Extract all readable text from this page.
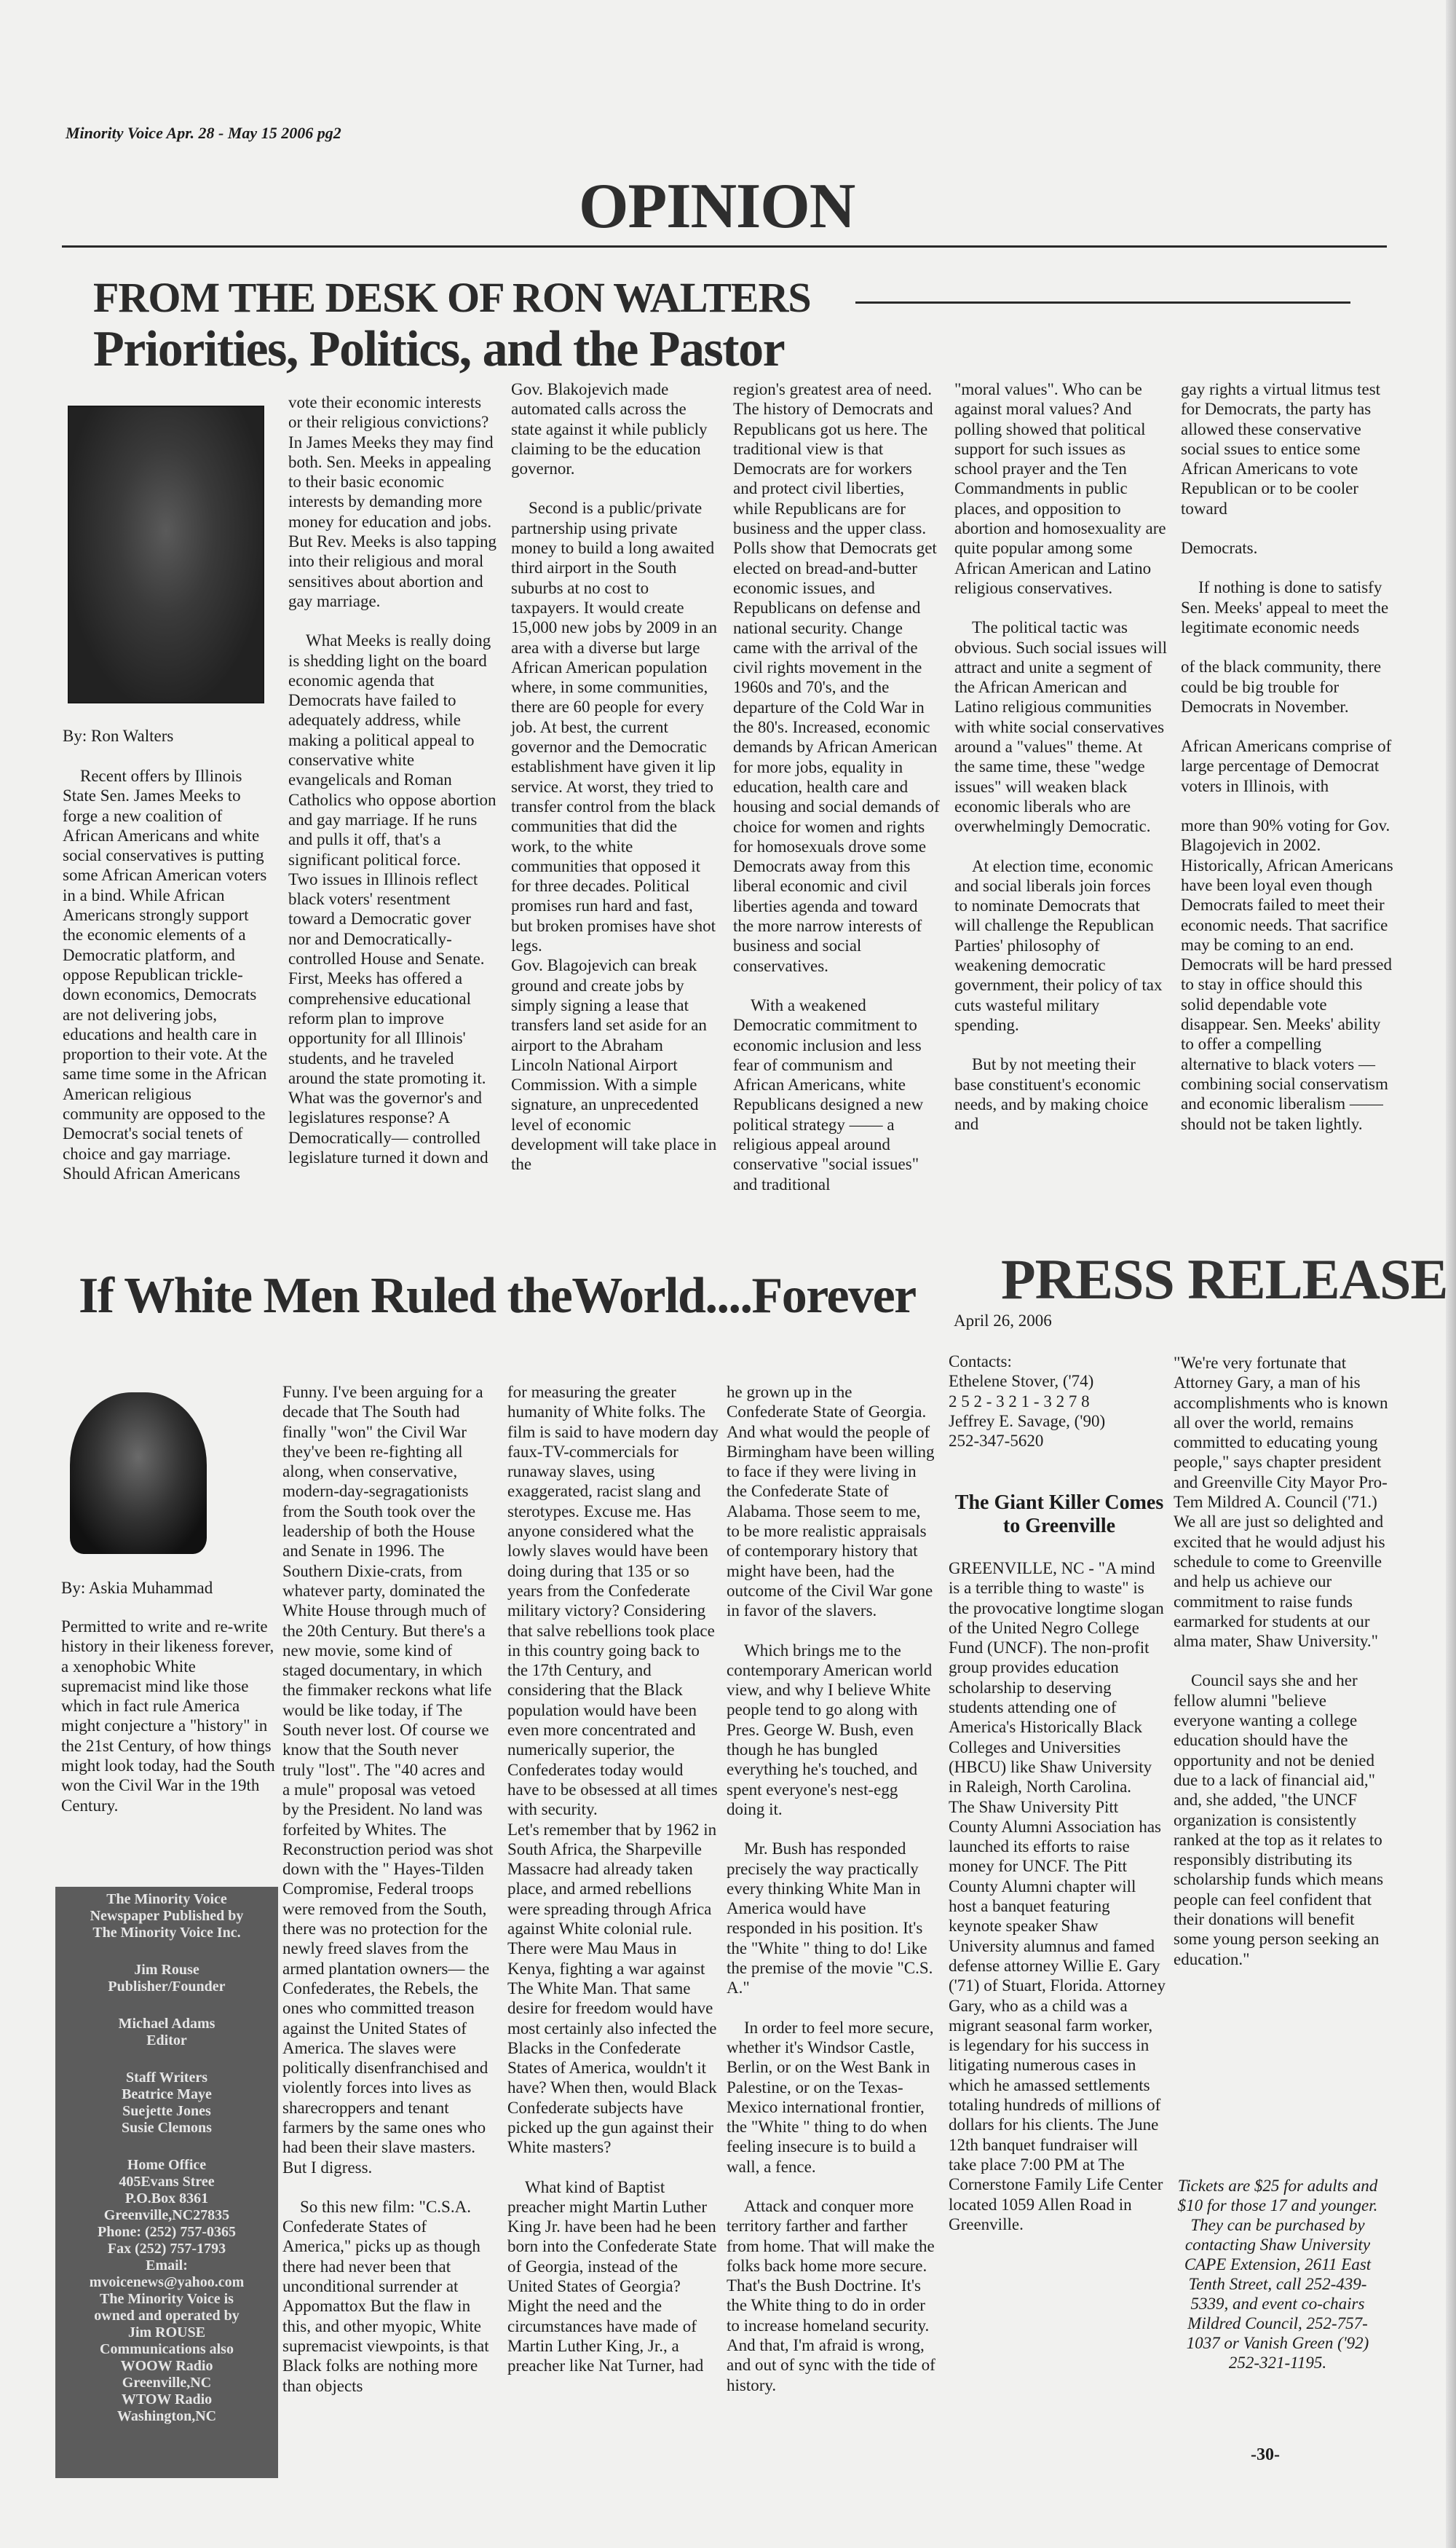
Minority Voice Apr. 28 - May 15 2006 pg2
OPINION
FROM THE DESK OF RON WALTERS
Priorities, Politics, and the Pastor
By: Ron Walters

Recent offers by Illinois State Sen. James Meeks to forge a new coalition of African Americans and white social conservatives is putting some African American voters in a bind. While African Americans strongly support the economic elements of a Democratic platform, and oppose Republican trickle-down economics, Democrats are not delivering jobs, educations and health care in proportion to their vote. At the same time some in the African American religious community are opposed to the Democrat's social tenets of choice and gay marriage.

Should African Americans

vote their economic interests or their religious convictions? In James Meeks they may find both. Sen. Meeks in appealing to their basic economic interests by demanding more money for education and jobs. But Rev. Meeks is also tapping into their religious and moral sensitives about abortion and gay marriage.

What Meeks is really doing is shedding light on the board economic agenda that Democrats have failed to adequately address, while making a political appeal to conservative white evangelicals and Roman Catholics who oppose abortion and gay marriage. If he runs and pulls it off, that's a significant political force.

Two issues in Illinois reflect black voters' resentment toward a Democratic gover nor and Democratically-controlled House and Senate. First, Meeks has offered a comprehensive educational reform plan to improve opportunity for all Illinois' students, and he traveled around the state promoting it. What was the governor's and legislatures response? A Democratically— controlled legislature turned it down and

Gov. Blakojevich made automated calls across the state against it while publicly claiming to be the education governor.

Second is a public/private partnership using private money to build a long awaited third airport in the South suburbs at no cost to taxpayers. It would create 15,000 new jobs by 2009 in an area with a diverse but large African American population where, in some communities, there are 60 people for every job. At best, the current governor and the Democratic establishment have given it lip service. At worst, they tried to transfer control from the black communities that did the work, to the white communities that opposed it for three decades. Political promises run hard and fast, but broken promises have shot legs.

Gov. Blagojevich can break ground and create jobs by simply signing a lease that transfers land set aside for an airport to the Abraham Lincoln National Airport Commission. With a simple signature, an unprecedented level of economic development will take place in the

region's greatest area of need. The history of Democrats and Republicans got us here. The traditional view is that Democrats are for workers and protect civil liberties, while Republicans are for business and the upper class. Polls show that Democrats get elected on bread-and-butter economic issues, and Republicans on defense and national security. Change came with the arrival of the civil rights movement in the 1960s and 70's, and the departure of the Cold War in the 80's. Increased, economic demands by African American for more jobs, equality in education, health care and housing and social demands of choice for women and rights for homosexuals drove some Democrats away from this liberal economic and civil liberties agenda and toward the more narrow interests of business and social conservatives.

With a weakened Democratic commitment to economic inclusion and less fear of communism and African Americans, white Republicans designed a new political strategy —— a religious appeal around conservative "social issues" and traditional

"moral values". Who can be against moral values? And polling showed that political support for such issues as school prayer and the Ten Commandments in public places, and opposition to abortion and homosexuality are quite popular among some African American and Latino religious conservatives.

The political tactic was obvious. Such social issues will attract and unite a segment of the African American and Latino religious communities with white social conservatives around a "values" theme. At the same time, these "wedge issues" will weaken black economic liberals who are overwhelmingly Democratic.

At election time, economic and social liberals join forces to nominate Democrats that will challenge the Republican Parties' philosophy of weakening democratic government, their policy of tax cuts wasteful military spending.

But by not meeting their base constituent's economic needs, and by making choice and

gay rights a virtual litmus test for Democrats, the party has allowed these conservative social ssues to entice some African Americans to vote Republican or to be cooler toward

Democrats.

If nothing is done to satisfy Sen. Meeks' appeal to meet the legitimate economic needs

of the black community, there could be big trouble for Democrats in November.

African Americans comprise of large percentage of Democrat voters in Illinois, with

more than 90% voting for Gov. Blagojevich in 2002. Historically, African Americans have been loyal even though Democrats failed to meet their economic needs. That sacrifice may be coming to an end. Democrats will be hard pressed to stay in office should this solid dependable vote disappear. Sen. Meeks' ability to offer a compelling alternative to black voters — combining social conservatism and economic liberalism —— should not be taken lightly.

If White Men Ruled theWorld....Forever
By: Askia Muhammad

Permitted to write and re-write history in their likeness forever, a xenophobic White supremacist mind like those which in fact rule America might conjecture a "history" in the 21st Century, of how things might look today, had the South won the Civil War in the 19th Century.

The Minority Voice
Newspaper Published by
The Minority Voice Inc.
Jim Rouse
Publisher/Founder
Michael Adams
Editor
Staff Writers
Beatrice Maye
Suejette Jones
Susie Clemons
Home Office
405Evans Stree
P.O.Box 8361
Greenville,NC27835
Phone: (252) 757-0365
Fax (252) 757-1793
Email:
mvoicenews@yahoo.com
The Minority Voice is
owned and operated by
Jim ROUSE
Communications also
WOOW Radio
Greenville,NC
WTOW Radio
Washington,NC

Funny. I've been arguing for a decade that The South had finally "won" the Civil War they've been re-fighting all along, when conservative, modern-day-segragationists from the South took over the leadership of both the House and Senate in 1996. The Southern Dixie-crats, from whatever party, dominated the White House through much of the 20th Century. But there's a new movie, some kind of staged documentary, in which the fimmaker reckons what life would be like today, if The South never lost. Of course we know that the South never truly "lost". The "40 acres and a mule" proposal was vetoed by the President. No land was forfeited by Whites. The Reconstruction period was shot down with the " Hayes-Tilden Compromise, Federal troops were removed from the South, there was no protection for the newly freed slaves from the armed plantation owners— the Confederates, the Rebels, the ones who committed treason against the United States of America. The slaves were politically disenfranchised and violently forces into lives as sharecroppers and tenant farmers by the same ones who had been their slave masters. But I digress.

So this new film: "C.S.A. Confederate States of America," picks up as though there had never been that unconditional surrender at Appomattox But the flaw in this, and other myopic, White supremacist viewpoints, is that Black folks are nothing more than objects

for measuring the greater humanity of White folks. The film is said to have modern day faux-TV-commercials for runaway slaves, using exaggerated, racist slang and sterotypes. Excuse me. Has anyone considered what the lowly slaves would have been doing during that 135 or so years from the Confederate military victory? Considering that salve rebellions took place in this country going back to the 17th Century, and considering that the Black population would have been even more concentrated and numerically superior, the Confederates today would have to be obsessed at all times with security.

Let's remember that by 1962 in South Africa, the Sharpeville Massacre had already taken place, and armed rebellions were spreading through Africa against White colonial rule. There were Mau Maus in Kenya, fighting a war against The White Man. That same desire for freedom would have most certainly also infected the Blacks in the Confederate States of America, wouldn't it have? When then, would Black Confederate subjects have picked up the gun against their White masters?

What kind of Baptist preacher might Martin Luther King Jr. have been had he been born into the Confederate State of Georgia, instead of the United States of Georgia? Might the need and the circumstances have made of Martin Luther King, Jr., a preacher like Nat Turner, had

he grown up in the Confederate State of Georgia. And what would the people of Birmingham have been willing to face if they were living in the Confederate State of Alabama. Those seem to me, to be more realistic appraisals of contemporary history that might have been, had the outcome of the Civil War gone in favor of the slavers.

Which brings me to the contemporary American world view, and why I believe White people tend to go along with Pres. George W. Bush, even though he has bungled everything he's touched, and spent everyone's nest-egg doing it.

Mr. Bush has responded precisely the way practically every thinking White Man in America would have responded in his position. It's the "White " thing to do! Like the premise of the movie "C.S. A."

In order to feel more secure, whether it's Windsor Castle, Berlin, or on the West Bank in Palestine, or on the Texas-Mexico international frontier, the "White " thing to do when feeling insecure is to build a wall, a fence.

Attack and conquer more territory farther and farther from home. That will make the folks back home more secure. That's the Bush Doctrine. It's the White thing to do in order to increase homeland security. And that, I'm afraid is wrong, and out of sync with the tide of history.

PRESS RELEASE
April 26, 2006
Contacts:
Ethelene Stover, ('74)
2 5 2 - 3 2 1 - 3 2 7 8
Jeffrey E. Savage, ('90)
252-347-5620
The Giant Killer Comes to Greenville

GREENVILLE, NC - "A mind is a terrible thing to waste" is the provocative longtime slogan of the United Negro College Fund (UNCF). The non-profit group provides education scholarship to deserving students attending one of America's Historically Black Colleges and Universities (HBCU) like Shaw University in Raleigh, North Carolina.

The Shaw University Pitt County Alumni Association has launched its efforts to raise money for UNCF. The Pitt County Alumni chapter will host a banquet featuring keynote speaker Shaw University alumnus and famed defense attorney Willie E. Gary ('71) of Stuart, Florida. Attorney Gary, who as a child was a migrant seasonal farm worker, is legendary for his success in litigating numerous cases in which he amassed settlements totaling hundreds of millions of dollars for his clients. The June 12th banquet fundraiser will take place 7:00 PM at The Cornerstone Family Life Center located 1059 Allen Road in Greenville.

"We're very fortunate that Attorney Gary, a man of his accomplishments who is known all over the world, remains committed to educating young people," says chapter president and Greenville City Mayor Pro-Tem Mildred A. Council ('71.) We all are just so delighted and excited that he would adjust his schedule to come to Greenville and help us achieve our commitment to raise funds earmarked for students at our alma mater, Shaw University."

Council says she and her fellow alumni "believe everyone wanting a college education should have the opportunity and not be denied due to a lack of financial aid," and, she added, "the UNCF organization is consistently ranked at the top as it relates to responsibly distributing its scholarship funds which means people can feel confident that their donations will benefit some young person seeking an education."

Tickets are $25 for adults and $10 for those 17 and younger. They can be purchased by contacting Shaw University CAPE Extension, 2611 East Tenth Street, call 252-439-5339, and event co-chairs Mildred Council, 252-757-1037 or Vanish Green ('92) 252-321-1195.
-30-
